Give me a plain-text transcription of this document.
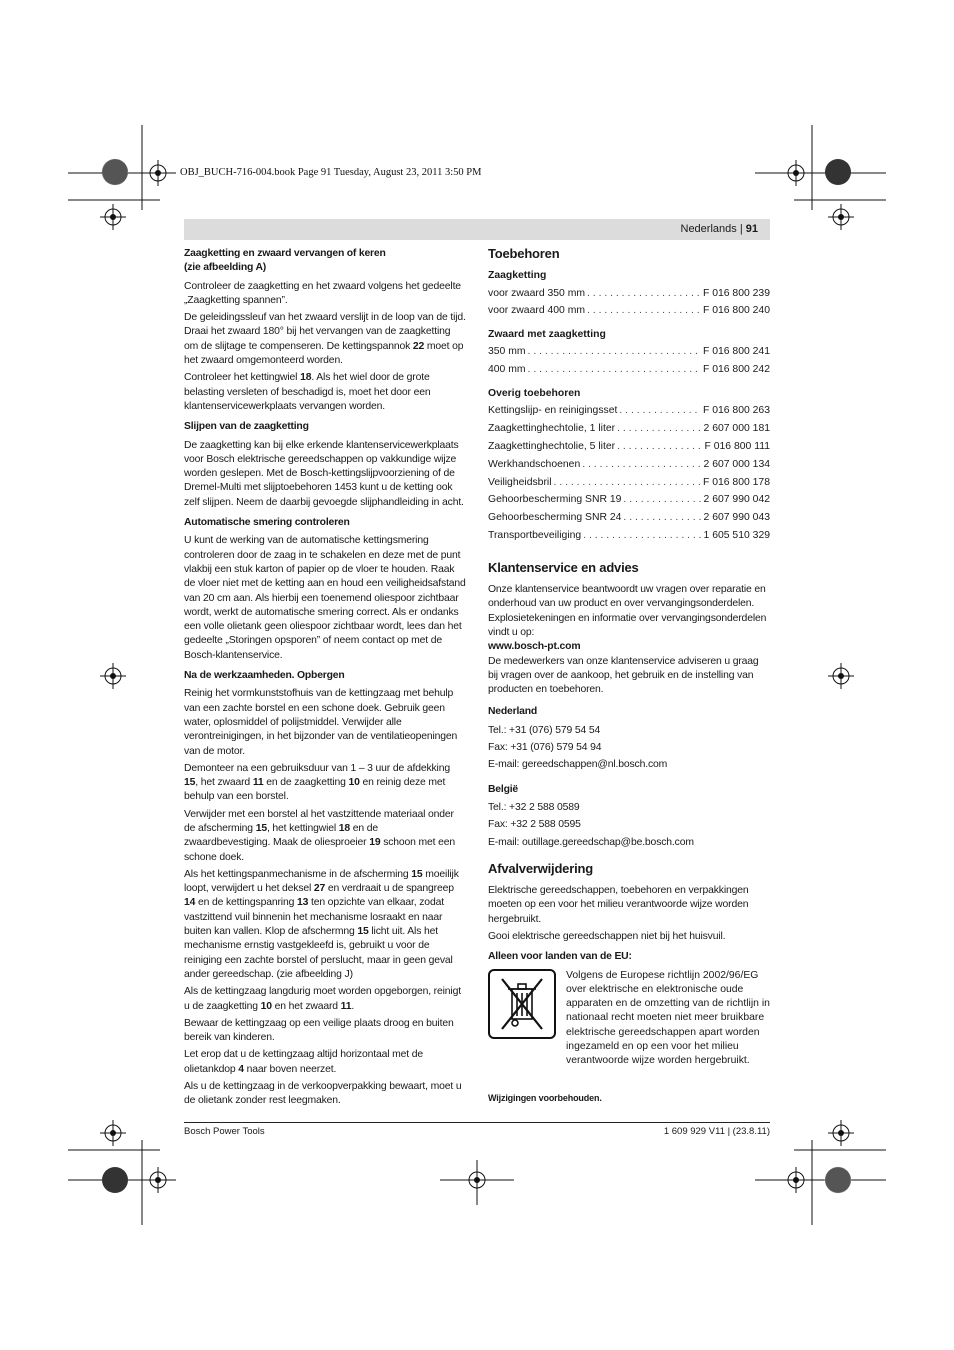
OBJ_BUCH-716-004.book Page 91 Tuesday, August 23, 2011 3:50 PM
Nederlands | 91
Zaagketting en zwaard vervangen of keren
(zie afbeelding A)

Controleer de zaagketting en het zwaard volgens het gedeelte „Zaagketting spannen”.

De geleidingssleuf van het zwaard verslijt in de loop van de tijd. Draai het zwaard 180° bij het vervangen van de zaagketting om de slijtage te compenseren. De kettingspannok 22 moet op het zwaard omgemonteerd worden.

Controleer het kettingwiel 18. Als het wiel door de grote belasting versleten of beschadigd is, moet het door een klantenservicewerkplaats vervangen worden.

Slijpen van de zaagketting

De zaagketting kan bij elke erkende klantenservicewerkplaats voor Bosch elektrische gereedschappen op vakkundige wijze worden geslepen. Met de Bosch-kettingslijpvoorziening of de Dremel-Multi met slijptoebehoren 1453 kunt u de ketting ook zelf slijpen. Neem de daarbij gevoegde slijphandleiding in acht.

Automatische smering controleren

U kunt de werking van de automatische kettingsmering controleren door de zaag in te schakelen en deze met de punt vlakbij een stuk karton of papier op de vloer te houden. Raak de vloer niet met de ketting aan en houd een veiligheidsafstand van 20 cm aan. Als hierbij een toenemend oliespoor zichtbaar wordt, werkt de automatische smering correct. Als er ondanks een volle olietank geen oliespoor zichtbaar wordt, lees dan het gedeelte „Storingen opsporen” of neem contact op met de Bosch-klantenservice.

Na de werkzaamheden. Opbergen

Reinig het vormkunststofhuis van de kettingzaag met behulp van een zachte borstel en een schone doek. Gebruik geen water, oplosmiddel of polijstmiddel. Verwijder alle verontreinigingen, in het bijzonder van de ventilatieopeningen van de motor.

Demonteer na een gebruiksduur van 1 – 3 uur de afdekking 15, het zwaard 11 en de zaagketting 10 en reinig deze met behulp van een borstel.

Verwijder met een borstel al het vastzittende materiaal onder de afscherming 15, het kettingwiel 18 en de zwaardbevestiging. Maak de oliesproeier 19 schoon met een schone doek.

Als het kettingspanmechanisme in de afscherming 15 moeilijk loopt, verwijdert u het deksel 27 en verdraait u de spangreep 14 en de kettingspanring 13 ten opzichte van elkaar, zodat vastzittend vuil binnenin het mechanisme losraakt en naar buiten kan vallen. Klop de afschermng 15 licht uit. Als het mechanisme ernstig vastgekleefd is, gebruikt u voor de reiniging een zachte borstel of perslucht, maar in geen geval ander gereedschap. (zie afbeelding J)

Als de kettingzaag langdurig moet worden opgeborgen, reinigt u de zaagketting 10 en het zwaard 11.

Bewaar de kettingzaag op een veilige plaats droog en buiten bereik van kinderen.

Let erop dat u de kettingzaag altijd horizontaal met de olietankdop 4 naar boven neerzet.

Als u de kettingzaag in de verkoopverpakking bewaart, moet u de olietank zonder rest leegmaken.

Toebehoren
Zaagketting
voor zwaard 350 mm . . .	F 016 800 239
voor zwaard 400 mm . . .	F 016 800 240
Zwaard met zaagketting
350 mm . . .	F 016 800 241
400 mm . . .	F 016 800 242
Overig toebehoren
Kettingslijp- en reinigingsset . . .	F 016 800 263
Zaagkettinghechtolie, 1 liter . . .	2 607 000 181
Zaagkettinghechtolie, 5 liter . . .	F 016 800 111
Werkhandschoenen . . .	2 607 000 134
Veiligheidsbril . . .	F 016 800 178
Gehoorbescherming SNR 19 . . .	2 607 990 042
Gehoorbescherming SNR 24 . . .	2 607 990 043
Transportbeveiliging . . .	1 605 510 329
Klantenservice en advies

Onze klantenservice beantwoordt uw vragen over reparatie en onderhoud van uw product en over vervangingsonderdelen. Explosietekeningen en informatie over vervangingsonderdelen vindt u op:

www.bosch-pt.com

De medewerkers van onze klantenservice adviseren u graag bij vragen over de aankoop, het gebruik en de instelling van producten en toebehoren.

Nederland

Tel.: +31 (076) 579 54 54

Fax: +31 (076) 579 54 94

E-mail: gereedschappen@nl.bosch.com

België

Tel.: +32 2 588 0589

Fax: +32 2 588 0595

E-mail: outillage.gereedschap@be.bosch.com

Afvalverwijdering

Elektrische gereedschappen, toebehoren en verpakkingen moeten op een voor het milieu verantwoorde wijze worden hergebruikt.

Gooi elektrische gereedschappen niet bij het huisvuil.

Alleen voor landen van de EU:
Volgens de Europese richtlijn 2002/96/EG over elektrische en elektronische oude apparaten en de omzetting van de richtlijn in nationaal recht moeten niet meer bruikbare elektrische gereedschappen apart worden ingezameld en op een voor het milieu verantwoorde wijze worden hergebruikt.

Wijzigingen voorbehouden.

Bosch Power Tools	1 609 929 V11 | (23.8.11)
